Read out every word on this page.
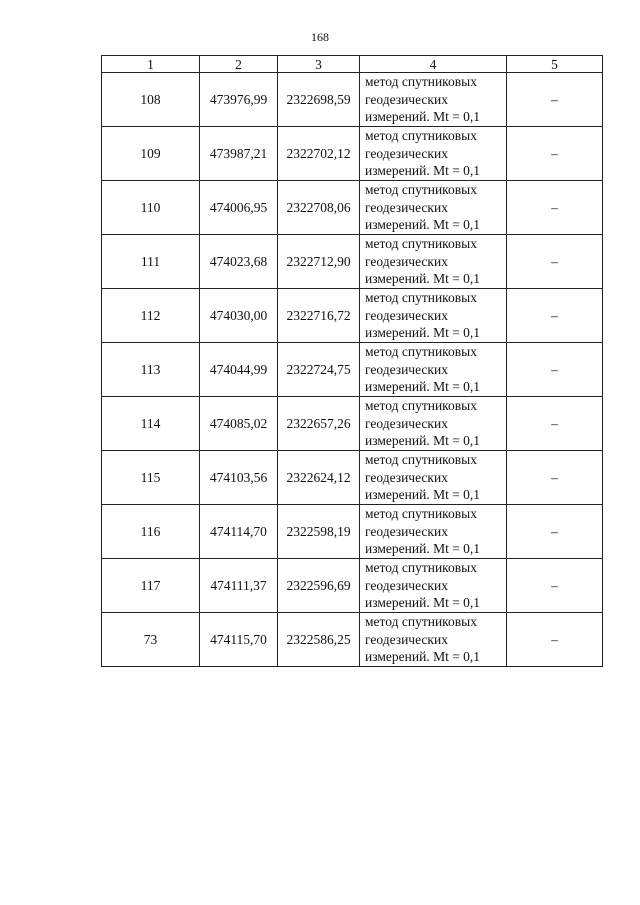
168
1	2	3	4	5
108	473976,99	2322698,59	метод спутниковых
геодезических
измерений. Mt = 0,1	–
109	473987,21	2322702,12	метод спутниковых
геодезических
измерений. Mt = 0,1	–
110	474006,95	2322708,06	метод спутниковых
геодезических
измерений. Mt = 0,1	–
111	474023,68	2322712,90	метод спутниковых
геодезических
измерений. Mt = 0,1	–
112	474030,00	2322716,72	метод спутниковых
геодезических
измерений. Mt = 0,1	–
113	474044,99	2322724,75	метод спутниковых
геодезических
измерений. Mt = 0,1	–
114	474085,02	2322657,26	метод спутниковых
геодезических
измерений. Mt = 0,1	–
115	474103,56	2322624,12	метод спутниковых
геодезических
измерений. Mt = 0,1	–
116	474114,70	2322598,19	метод спутниковых
геодезических
измерений. Mt = 0,1	–
117	474111,37	2322596,69	метод спутниковых
геодезических
измерений. Mt = 0,1	–
73	474115,70	2322586,25	метод спутниковых
геодезических
измерений. Mt = 0,1	–
